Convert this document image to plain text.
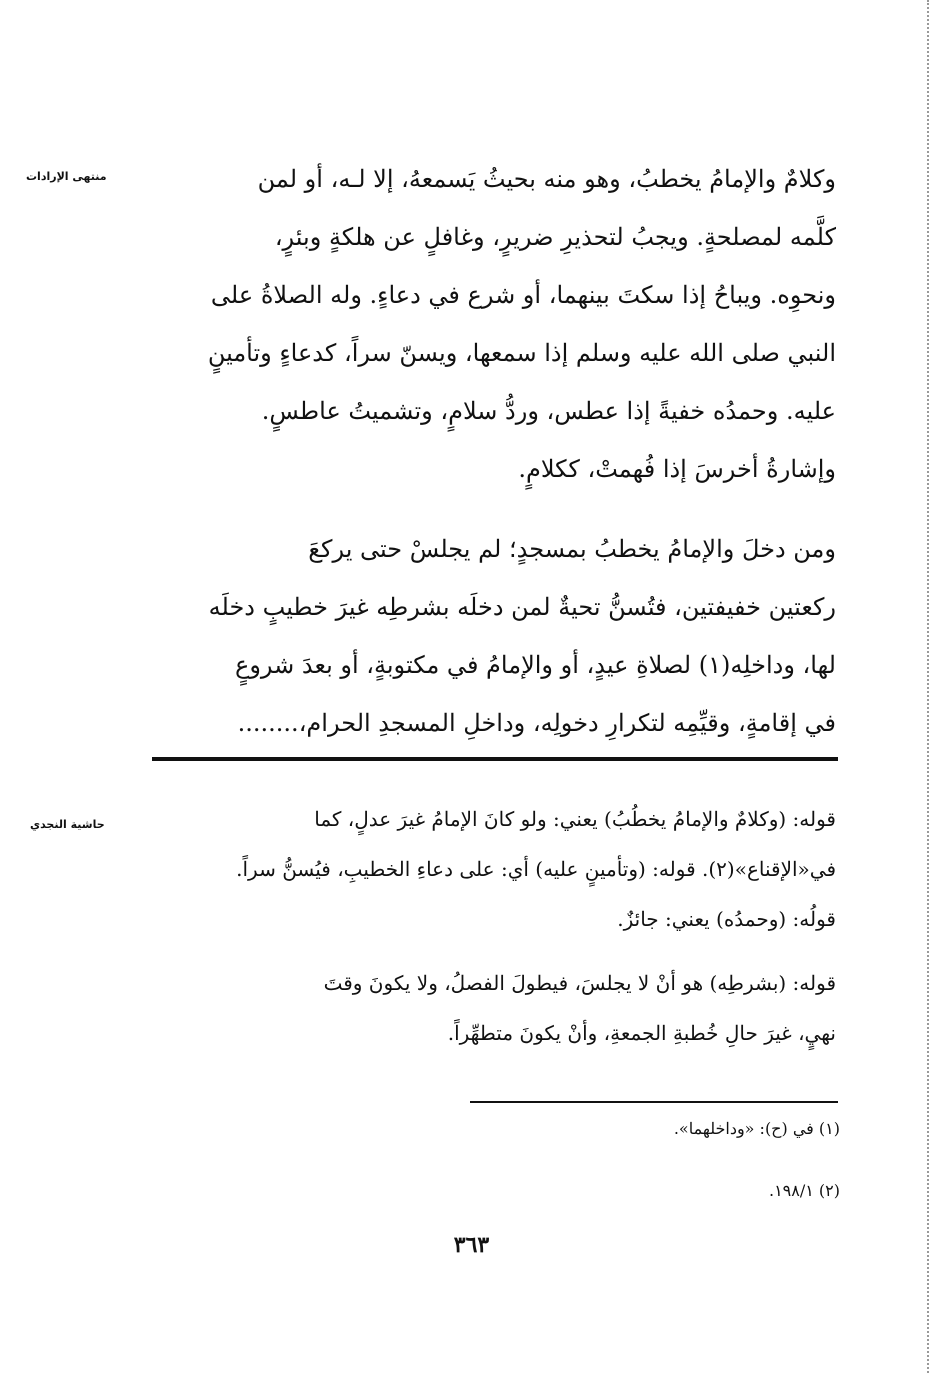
منتهى الإرادات	وكلامٌ والإمامُ يخطبُ، وهو منه بحيثُ يَسمعهُ، إلا لـه، أو لمن
كلَّمه لمصلحةٍ. ويجبُ لتحذيرِ ضريرٍ، وغافلٍ عن هلكةٍ وبئرٍ،
ونحوِه. ويباحُ إذا سكتَ بينهما، أو شرع في دعاءٍ. وله الصلاةُ على
النبي صلى الله عليه وسلم إذا سمعها، ويسنّ سراً، كدعاءٍ وتأمينٍ
عليه. وحمدُه خفيةً إذا عطس، وردُّ سلامٍ، وتشميتُ عاطسٍ.
وإشارةُ أخرسَ إذا فُهمتْ، ككلامٍ.
ومن دخلَ والإمامُ يخطبُ بمسجدٍ؛ لم يجلسْ حتى يركعَ
ركعتين خفيفتين، فتُسنُّ تحيةٌ لمن دخلَه بشرطِه غيرَ خطيبٍ دخلَه
لها، وداخلِه(١) لصلاةِ عيدٍ، أو والإمامُ في مكتوبةٍ، أو بعدَ شروعٍ
في إقامةٍ، وقيِّمِه لتكرارِ دخولِه، وداخلِ المسجدِ الحرام،........
حاشية النجدي	قوله: (وكلامٌ والإمامُ يخطُبُ) يعني: ولو كانَ الإمامُ غيرَ عدلٍ، كما
في«الإقناع»(٢). قوله: (وتأمينٍ عليه) أي: على دعاءِ الخطيبِ، فيُسنُّ سراً.
قولُه: (وحمدُه) يعني: جائزٌ.
قوله: (بشرطِه) هو أنْ لا يجلسَ، فيطولَ الفصلُ، ولا يكونَ وقتَ
نهيٍ، غيرَ حالِ خُطبةِ الجمعةِ، وأنْ يكونَ متطهِّراً.
(١) في (ح): «وداخلهما».
(٢) ١٩٨/١.
٣٦٣
